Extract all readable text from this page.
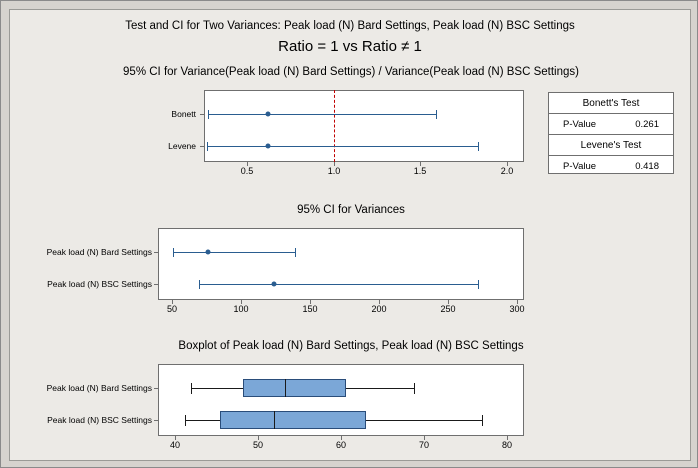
Test and CI for Two Variances: Peak load (N) Bard Settings, Peak load (N) BSC Settings
Ratio = 1 vs Ratio ≠ 1
95% CI for Variance(Peak load (N) Bard Settings) / Variance(Peak load (N) BSC Settings)
Bonett
Levene
0.5	1.0	1.5	2.0
Bonett's Test
P-Value	0.261
Levene's Test
P-Value	0.418
95% CI for Variances
Peak load (N) Bard Settings
Peak load (N) BSC Settings
50	100	150	200	250	300
Boxplot of Peak load (N) Bard Settings, Peak load (N) BSC Settings
Peak load (N) Bard Settings
Peak load (N) BSC Settings
40	50	60	70	80
